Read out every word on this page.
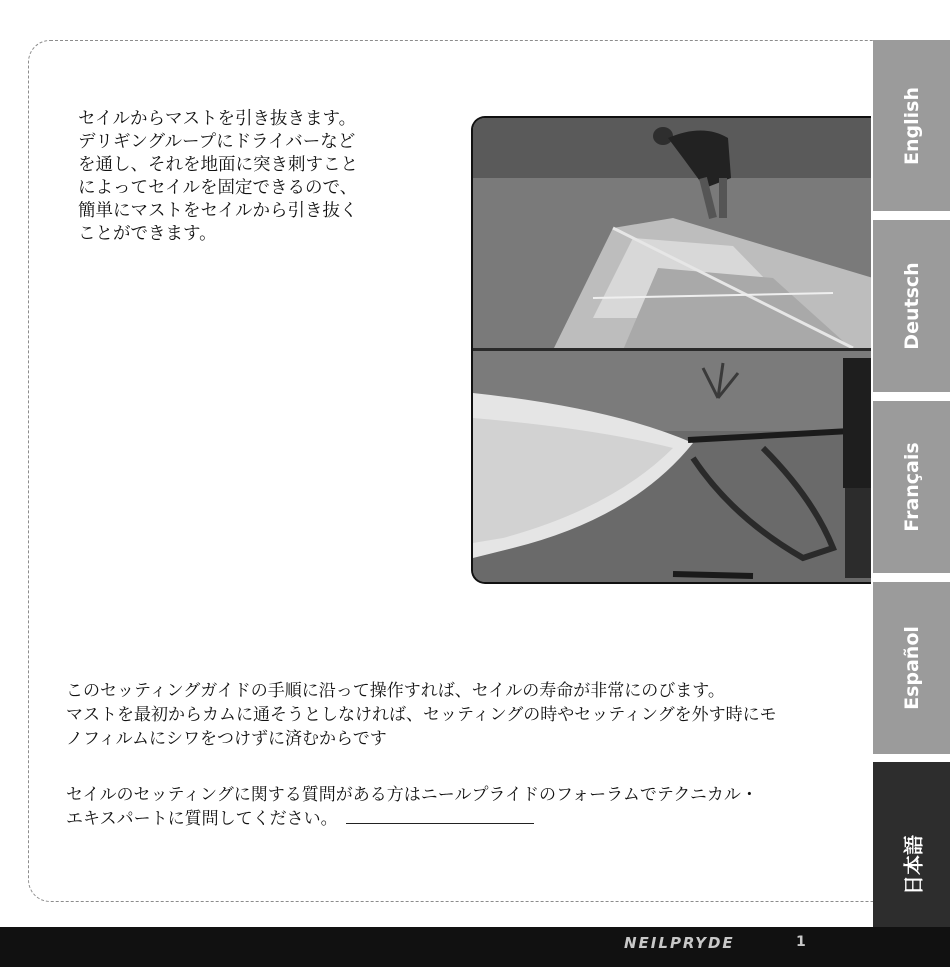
セイルからマストを引き抜きます。
デリギングループにドライバーなど
を通し、それを地面に突き刺すこと
によってセイルを固定できるので、
簡単にマストをセイルから引き抜く
ことができます。

このセッティングガイドの手順に沿って操作すれば、セイルの寿命が非常にのびます。
マストを最初からカムに通そうとしなければ、セッティングの時やセッティングを外す時にモ
ノフィルムにシワをつけずに済むからです

セイルのセッティングに関する質問がある方はニールプライドのフォーラムでテクニカル・
エキスパートに質問してください。

English
Deutsch
Français
Español
日本語
NEILPRYDE	1
